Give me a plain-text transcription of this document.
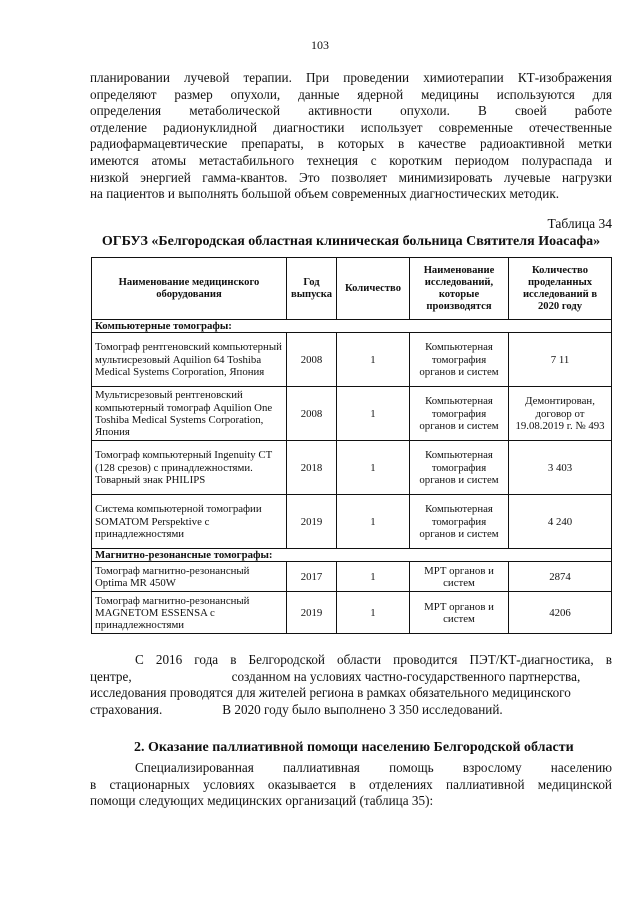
103
планировании лучевой терапии. При проведении химиотерапии КТ-изображения
определяют размер опухоли, данные ядерной медицины используются для
определения метаболической активности опухоли. В своей работе
отделение радионуклидной диагностики использует современные отечественные
радиофармацевтические препараты, в которых в качестве радиоактивной метки
имеются атомы метастабильного технеция с коротким периодом полураспада и
низкой энергией гамма-квантов. Это позволяет минимизировать лучевые нагрузки
на пациентов и выполнять большой объем современных диагностических методик.
Таблица 34
ОГБУЗ «Белгородская областная клиническая больница Святителя Иоасафа»
Наименование медицинского оборудования	Год выпуска	Количество	Наименование исследований, которые производятся	Количество проделанных исследований в 2020 году
Компьютерные томографы:				
Томограф рентгеновский компьютерный мультисрезовый Aquilion 64 Toshiba Medical Systems Corporation, Япония	2008	1	Компьютерная томография органов и систем	7 11
Мультисрезовый рентгеновский компьютерный томограф Aquilion One Toshiba Medical Systems Corporation, Япония	2008	1	Компьютерная томография органов и систем	Демонтирован, договор от 19.08.2019 г. № 493
Томограф компьютерный Ingenuity CT (128 срезов) с принадлежностями. Товарный знак PHILIPS	2018	1	Компьютерная томография органов и систем	3 403
Система компьютерной томографии SOMATOM Perspektive с принадлежностями	2019	1	Компьютерная томография органов и систем	4 240
Магнитно-резонансные томографы:				
Томограф магнитно-резонансный Optima MR 450W	2017	1	МРТ органов и систем	2874
Томограф магнитно-резонансный MAGNETOM ESSENSA с принадлежностями	2019	1	МРТ органов и систем	4206
С 2016 года в Белгородской области проводится ПЭТ/КТ-диагностика, в
центре,	созданном на условиях частно-государственного партнерства,
исследования проводятся для жителей региона в рамках обязательного медицинского
страхования.	В 2020 году было выполнено 3 350 исследований.
2. Оказание паллиативной помощи населению Белгородской области
Специализированная паллиативная помощь взрослому населению
в стационарных условиях оказывается в отделениях паллиативной медицинской
помощи следующих медицинских организаций (таблица 35):
